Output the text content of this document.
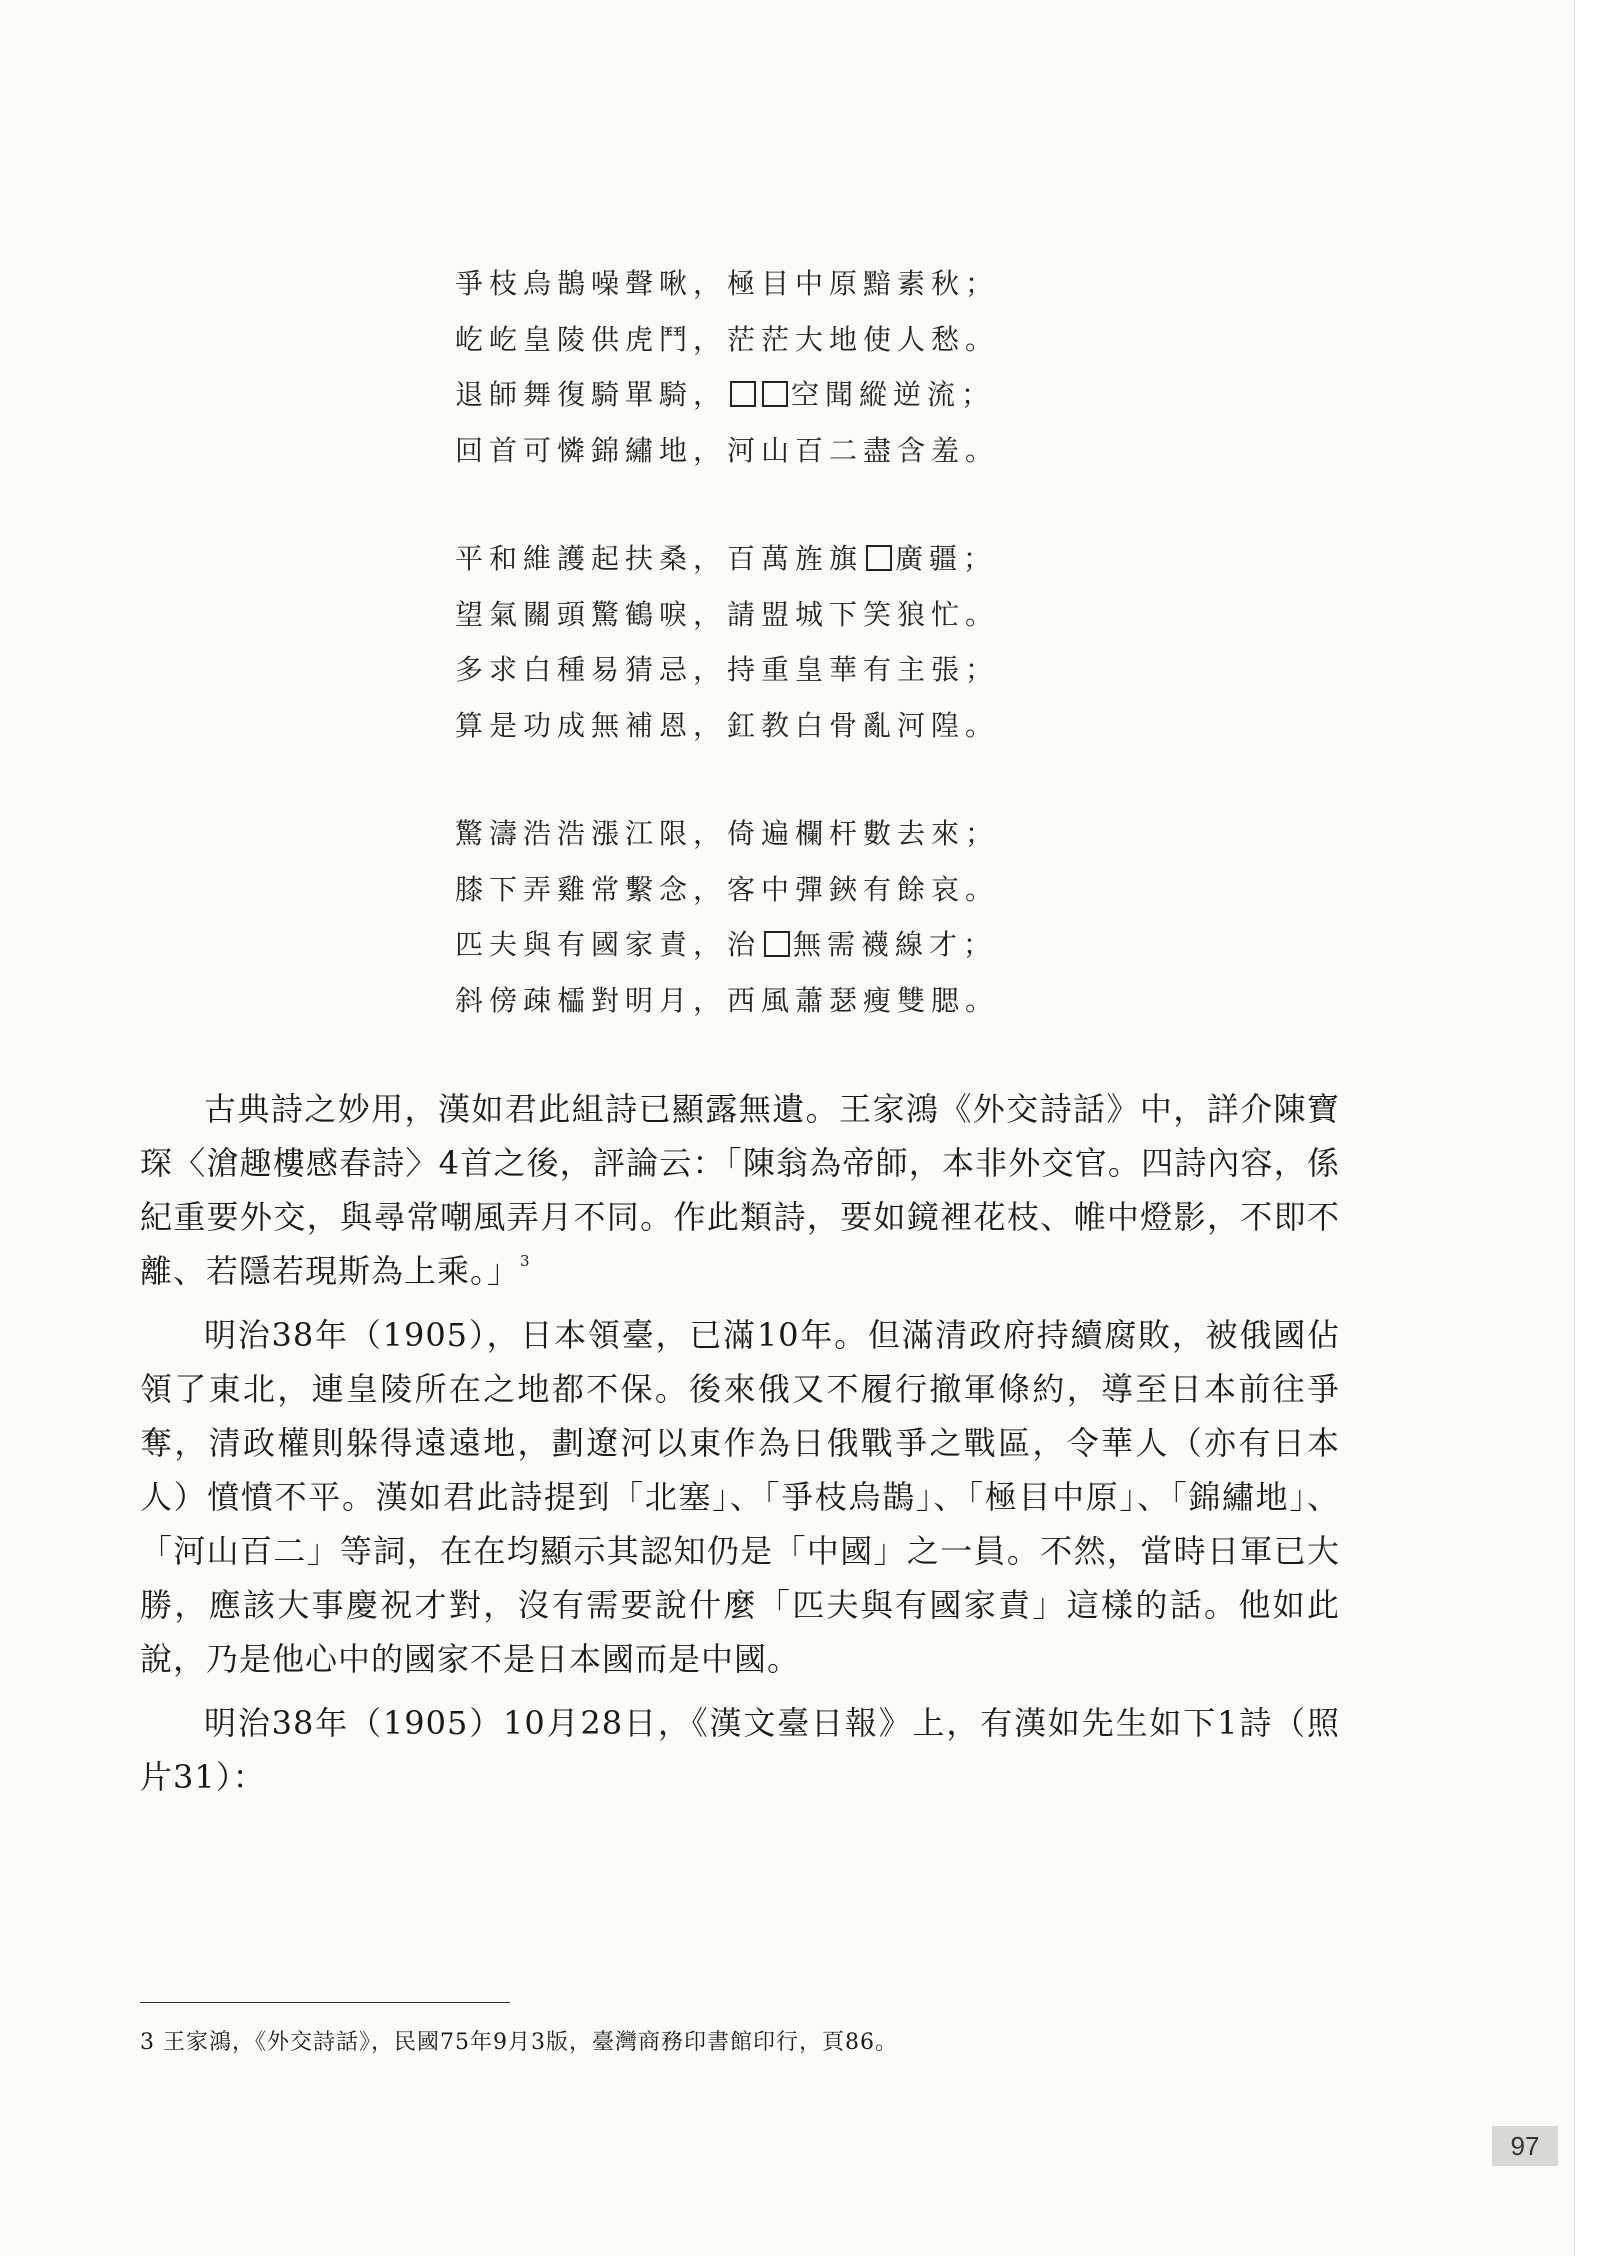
爭枝烏鵲噪聲啾，極目中原黯素秋；
屹屹皇陵供虎鬥，茫茫大地使人愁。
退師舞復騎單騎， 空聞縱逆流；
回首可憐錦繡地，河山百二盡含羞。
平和維護起扶桑，百萬旌旗 廣疆；
望氣關頭驚鶴唳，請盟城下笑狼忙。
多求白種易猜忌，持重皇華有主張；
算是功成無補恩，釭教白骨亂河隍。
驚濤浩浩漲江限，倚遍欄杆數去來；
膝下弄雞常繫念，客中彈鋏有餘哀。
匹夫與有國家責，治 無需襪線才；
斜傍疎櫺對明月，西風蕭瑟瘦雙腮。

古典詩之妙用，漢如君此組詩已顯露無遺。王家鴻《外交詩話》中，詳介陳寶琛〈滄趣樓感春詩〉4首之後，評論云：「陳翁為帝師，本非外交官。四詩內容，係紀重要外交，與尋常嘲風弄月不同。作此類詩，要如鏡裡花枝、帷中燈影，不即不離、若隱若現斯為上乘。」$^3$

明治38年（1905），日本領臺，已滿10年。但滿清政府持續腐敗，被俄國佔領了東北，連皇陵所在之地都不保。後來俄又不履行撤軍條約，導至日本前往爭奪，清政權則躲得遠遠地，劃遼河以東作為日俄戰爭之戰區，令華人（亦有日本人）憤憤不平。漢如君此詩提到「北塞」、「爭枝烏鵲」、「極目中原」、「錦繡地」、「河山百二」等詞，在在均顯示其認知仍是「中國」之一員。不然，當時日軍已大勝，應該大事慶祝才對，沒有需要說什麼「匹夫與有國家責」這樣的話。他如此說，乃是他心中的國家不是日本國而是中國。

明治38年（1905）10月28日，《漢文臺日報》上，有漢如先生如下1詩（照片31）：

3 王家鴻，《外交詩話》，民國75年9月3版，臺灣商務印書館印行，頁86。
97
